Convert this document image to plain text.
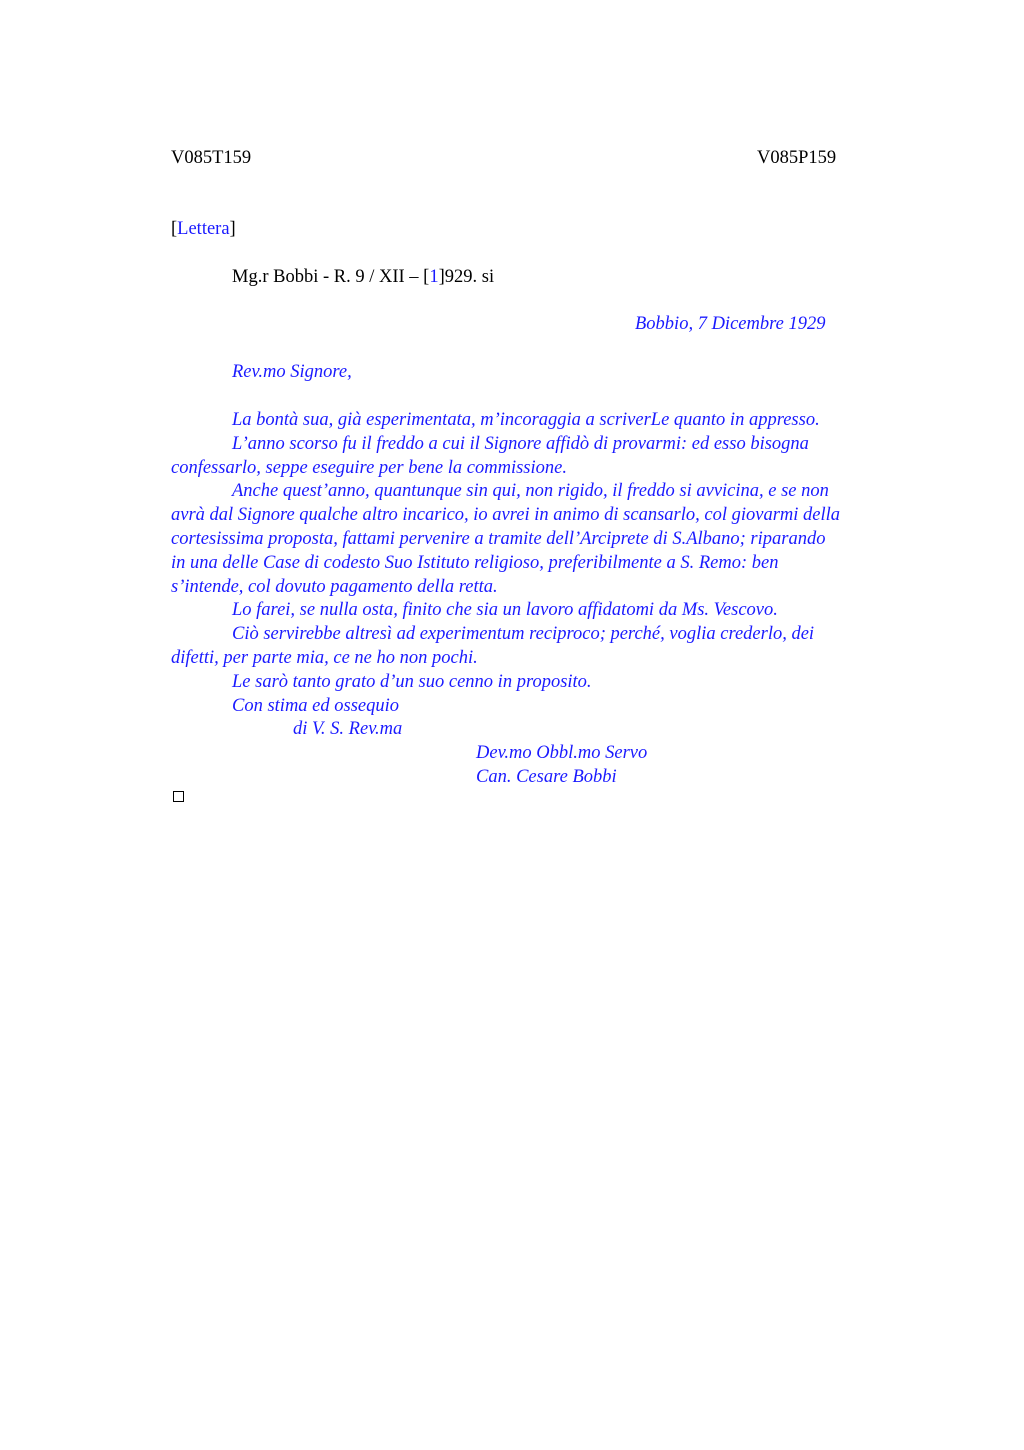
V085T159	V085P159
[Lettera]
Mg.r Bobbi - R. 9 / XII – [1]929. si
Bobbio, 7 Dicembre 1929
Rev.mo Signore,
La bontà sua, già esperimentata, m’incoraggia a scriverLe quanto in appresso.
L’anno scorso fu il freddo a cui il Signore affidò di provarmi: ed esso bisogna
confessarlo, seppe eseguire per bene la commissione.
Anche quest’anno, quantunque sin qui, non rigido, il freddo si avvicina, e se non
avrà dal Signore qualche altro incarico, io avrei in animo di scansarlo, col giovarmi della
cortesissima proposta, fattami pervenire a tramite dell’Arciprete di S.Albano; riparando
in una delle Case di codesto Suo Istituto religioso, preferibilmente a S. Remo: ben
s’intende, col dovuto pagamento della retta.
Lo farei, se nulla osta, finito che sia un lavoro affidatomi da Ms. Vescovo.
Ciò servirebbe altresì ad experimentum reciproco; perché, voglia crederlo, dei
difetti, per parte mia, ce ne ho non pochi.
Le sarò tanto grato d’un suo cenno in proposito.
Con stima ed ossequio
di V. S. Rev.ma
Dev.mo Obbl.mo Servo
Can. Cesare Bobbi
